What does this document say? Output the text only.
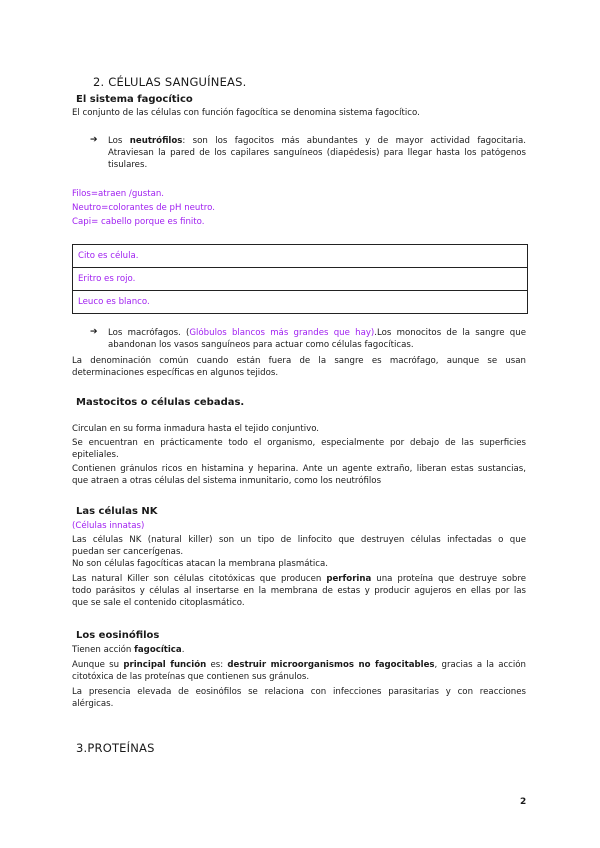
2. CÉLULAS SANGUÍNEAS.
El sistema fagocítico
El conjunto de las células con función fagocítica se denomina sistema fagocítico.
➔ Los neutrófilos: son los fagocitos más abundantes y de mayor actividad fagocitaria.
Atraviesan la pared de los capilares sanguíneos (diapédesis) para llegar hasta los patógenos
tisulares.
Filos=atraen /gustan.
Neutro=colorantes de pH neutro.
Capi= cabello porque es finito.
Cito es célula.
Eritro es rojo.
Leuco es blanco.
➔ Los macrófagos. (Glóbulos blancos más grandes que hay).Los monocitos de la sangre que
abandonan los vasos sanguíneos para actuar como células fagocíticas.
La denominación común cuando están fuera de la sangre es macrófago, aunque se usan
determinaciones específicas en algunos tejidos.
Mastocitos o células cebadas.
Circulan en su forma inmadura hasta el tejido conjuntivo.
Se encuentran en prácticamente todo el organismo, especialmente por debajo de las superficies
epiteliales.
Contienen gránulos ricos en histamina y heparina. Ante un agente extraño, liberan estas sustancias,
que atraen a otras células del sistema inmunitario, como los neutrófilos
Las células NK
(Células innatas)
Las células NK (natural killer) son un tipo de linfocito que destruyen células infectadas o que
puedan ser cancerígenas.
No son células fagocíticas atacan la membrana plasmática.
Las natural Killer son células citotóxicas que producen perforina una proteína que destruye sobre
todo parásitos y células al insertarse en la membrana de estas y producir agujeros en ellas por las
que se sale el contenido citoplasmático.
Los eosinófilos
Tienen acción fagocítica.
Aunque su principal función es: destruir microorganismos no fagocitables, gracias a la acción
citotóxica de las proteínas que contienen sus gránulos.
La presencia elevada de eosinófilos se relaciona con infecciones parasitarias y con reacciones
alérgicas.
3.PROTEÍNAS
2
